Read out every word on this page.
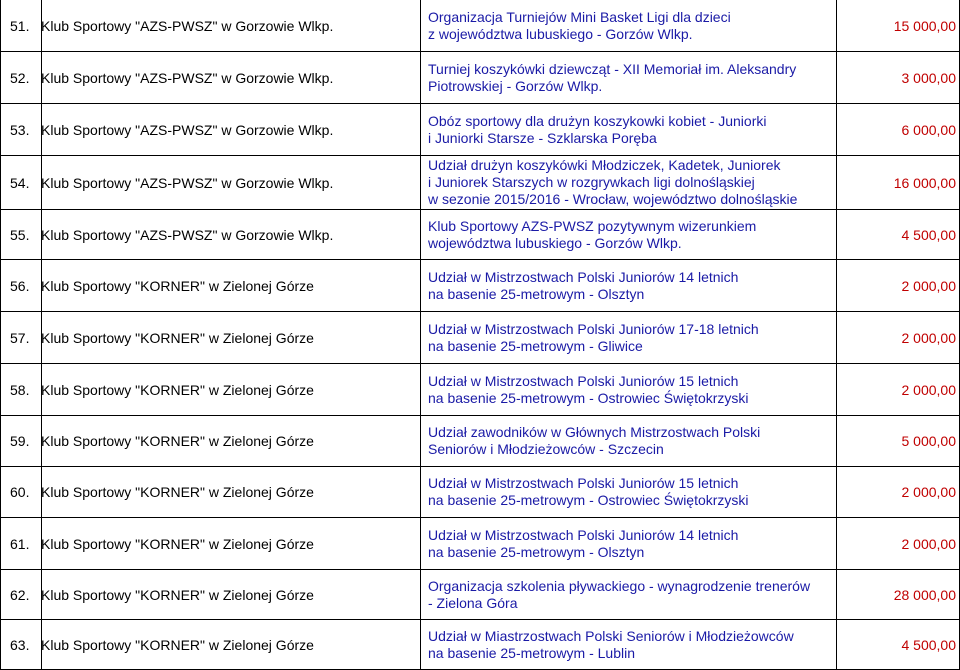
51. Klub Sportowy "AZS-PWSZ" w Gorzowie Wlkp.
Organizacja Turniejów Mini Basket Ligi dla dzieci
z województwa lubuskiego - Gorzów Wlkp.	15 000,00
52. Klub Sportowy "AZS-PWSZ" w Gorzowie Wlkp.
Turniej koszykówki dziewcząt - XII Memoriał im. Aleksandry
Piotrowskiej - Gorzów Wlkp.	3 000,00
53. Klub Sportowy "AZS-PWSZ" w Gorzowie Wlkp.
Obóz sportowy dla drużyn koszykowki kobiet - Juniorki
i Juniorki Starsze - Szklarska Poręba	6 000,00
54. Klub Sportowy "AZS-PWSZ" w Gorzowie Wlkp.
Udział drużyn koszykówki Młodziczek, Kadetek, Juniorek
i Juniorek Starszych w rozgrywkach ligi dolnośląskiej
w sezonie 2015/2016 - Wrocław, województwo dolnośląskie
16 000,00
55. Klub Sportowy "AZS-PWSZ" w Gorzowie Wlkp.
Klub Sportowy AZS-PWSZ pozytywnym wizerunkiem
województwa lubuskiego - Gorzów Wlkp.	4 500,00
56. Klub Sportowy "KORNER" w Zielonej Górze
Udział w Mistrzostwach Polski Juniorów 14 letnich
na basenie 25-metrowym - Olsztyn	2 000,00
57. Klub Sportowy "KORNER" w Zielonej Górze
Udział w Mistrzostwach Polski Juniorów 17-18 letnich
na basenie 25-metrowym - Gliwice	2 000,00
58. Klub Sportowy "KORNER" w Zielonej Górze
Udział w Mistrzostwach Polski Juniorów 15 letnich
na basenie 25-metrowym - Ostrowiec Świętokrzyski	2 000,00
59. Klub Sportowy "KORNER" w Zielonej Górze
Udział zawodników w Głównych Mistrzostwach Polski
Seniorów i Młodzieżowców - Szczecin	5 000,00
60. Klub Sportowy "KORNER" w Zielonej Górze
Udział w Mistrzostwach Polski Juniorów 15 letnich
na basenie 25-metrowym - Ostrowiec Świętokrzyski	2 000,00
61. Klub Sportowy "KORNER" w Zielonej Górze
Udział w Mistrzostwach Polski Juniorów 14 letnich
na basenie 25-metrowym - Olsztyn	2 000,00
62. Klub Sportowy "KORNER" w Zielonej Górze
Organizacja szkolenia pływackiego - wynagrodzenie trenerów
- Zielona Góra	28 000,00
63. Klub Sportowy "KORNER" w Zielonej Górze
Udział w Miastrzostwach Polski Seniorów i Młodzieżowców
na basenie 25-metrowym - Lublin	4 500,00
